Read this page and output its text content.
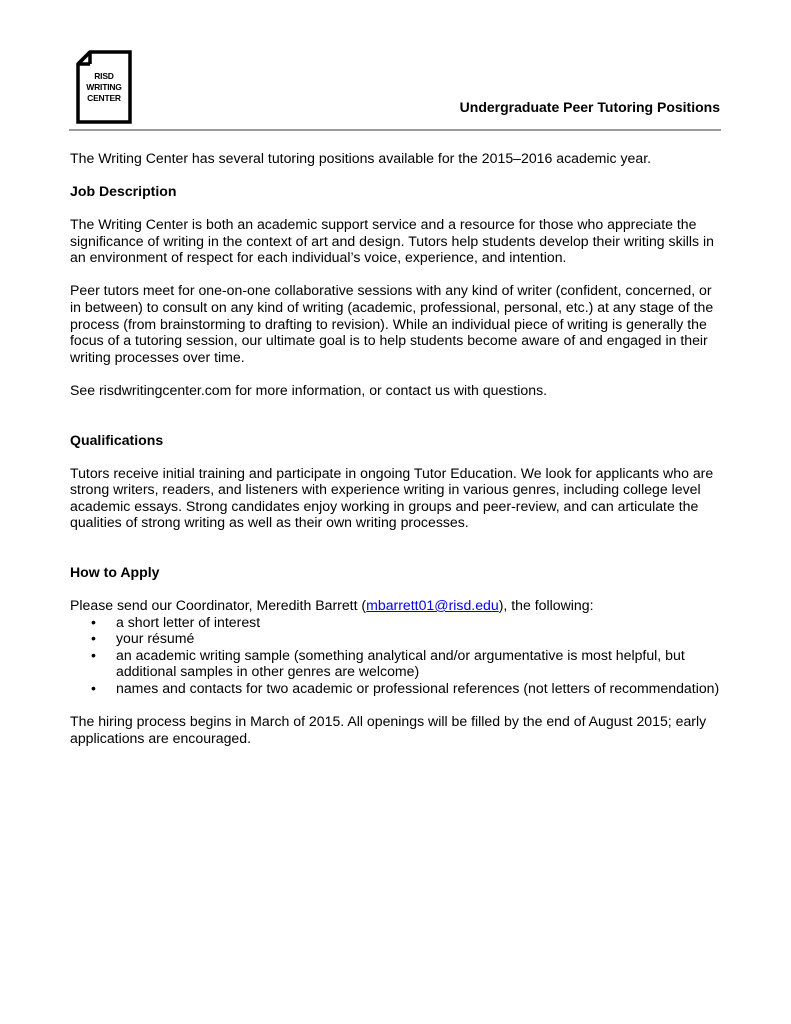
RISD
WRITING
CENTER
Undergraduate Peer Tutoring Positions

The Writing Center has several tutoring positions available for the 2015–2016 academic year.

Job Description

The Writing Center is both an academic support service and a resource for those who appreciate the significance of writing in the context of art and design. Tutors help students develop their writing skills in an environment of respect for each individual’s voice, experience, and intention.

Peer tutors meet for one-on-one collaborative sessions with any kind of writer (confident, concerned, or in between) to consult on any kind of writing (academic, professional, personal, etc.) at any stage of the process (from brainstorming to drafting to revision). While an individual piece of writing is generally the focus of a tutoring session, our ultimate goal is to help students become aware of and engaged in their writing processes over time.

See risdwritingcenter.com for more information, or contact us with questions.

Qualifications

Tutors receive initial training and participate in ongoing Tutor Education. We look for applicants who are strong writers, readers, and listeners with experience writing in various genres, including college level academic essays. Strong candidates enjoy working in groups and peer-review, and can articulate the qualities of strong writing as well as their own writing processes.

How to Apply

Please send our Coordinator, Meredith Barrett (mbarrett01@risd.edu), the following:

• a short letter of interest
• your résumé
• an academic writing sample (something analytical and/or argumentative is most helpful, but additional samples in other genres are welcome)
• names and contacts for two academic or professional references (not letters of recommendation)

The hiring process begins in March of 2015. All openings will be filled by the end of August 2015; early applications are encouraged.
